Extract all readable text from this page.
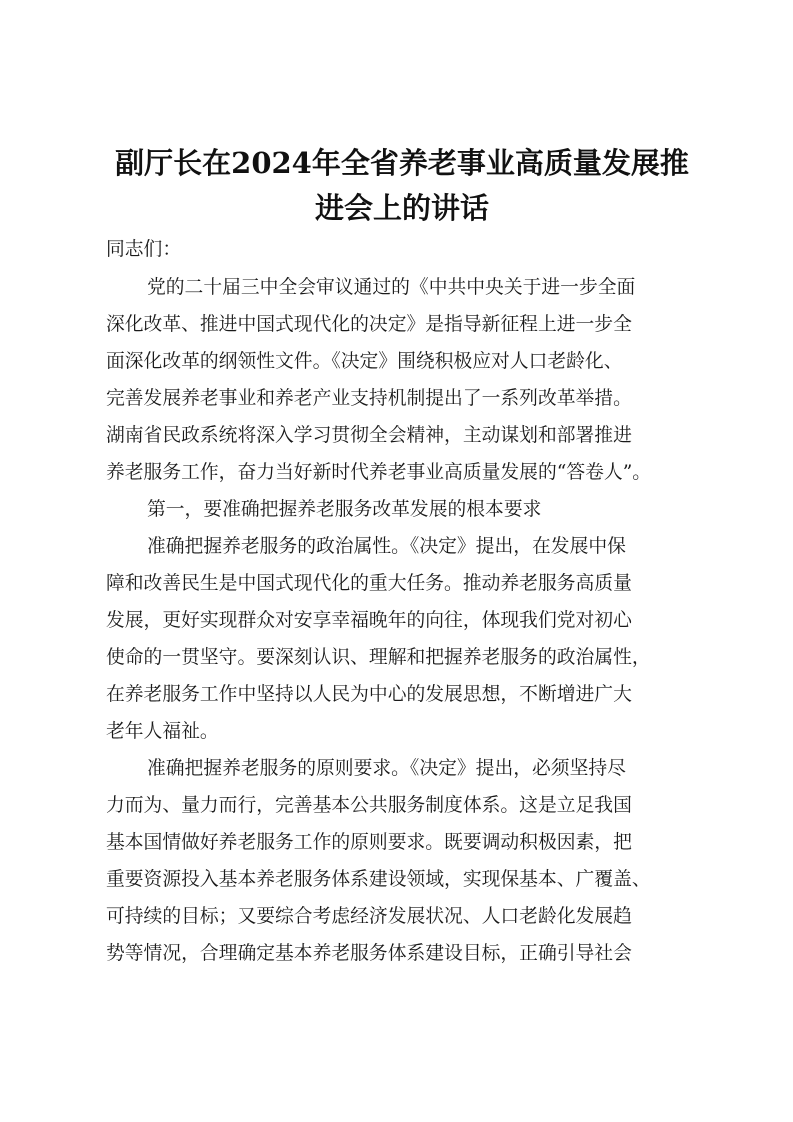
副厅长在2024年全省养老事业高质量发展推
进会上的讲话

同志们：

党的二十届三中全会审议通过的《中共中央关于进一步全面

深化改革、推进中国式现代化的决定》是指导新征程上进一步全

面深化改革的纲领性文件。《决定》围绕积极应对人口老龄化、

完善发展养老事业和养老产业支持机制提出了一系列改革举措。

湖南省民政系统将深入学习贯彻全会精神，主动谋划和部署推进

养老服务工作，奋力当好新时代养老事业高质量发展的“答卷人”。

第一，要准确把握养老服务改革发展的根本要求

准确把握养老服务的政治属性。《决定》提出，在发展中保

障和改善民生是中国式现代化的重大任务。推动养老服务高质量

发展，更好实现群众对安享幸福晚年的向往，体现我们党对初心

使命的一贯坚守。要深刻认识、理解和把握养老服务的政治属性，

在养老服务工作中坚持以人民为中心的发展思想，不断增进广大

老年人福祉。

准确把握养老服务的原则要求。《决定》提出，必须坚持尽

力而为、量力而行，完善基本公共服务制度体系。这是立足我国

基本国情做好养老服务工作的原则要求。既要调动积极因素，把

重要资源投入基本养老服务体系建设领域，实现保基本、广覆盖、

可持续的目标；又要综合考虑经济发展状况、人口老龄化发展趋

势等情况，合理确定基本养老服务体系建设目标，正确引导社会
